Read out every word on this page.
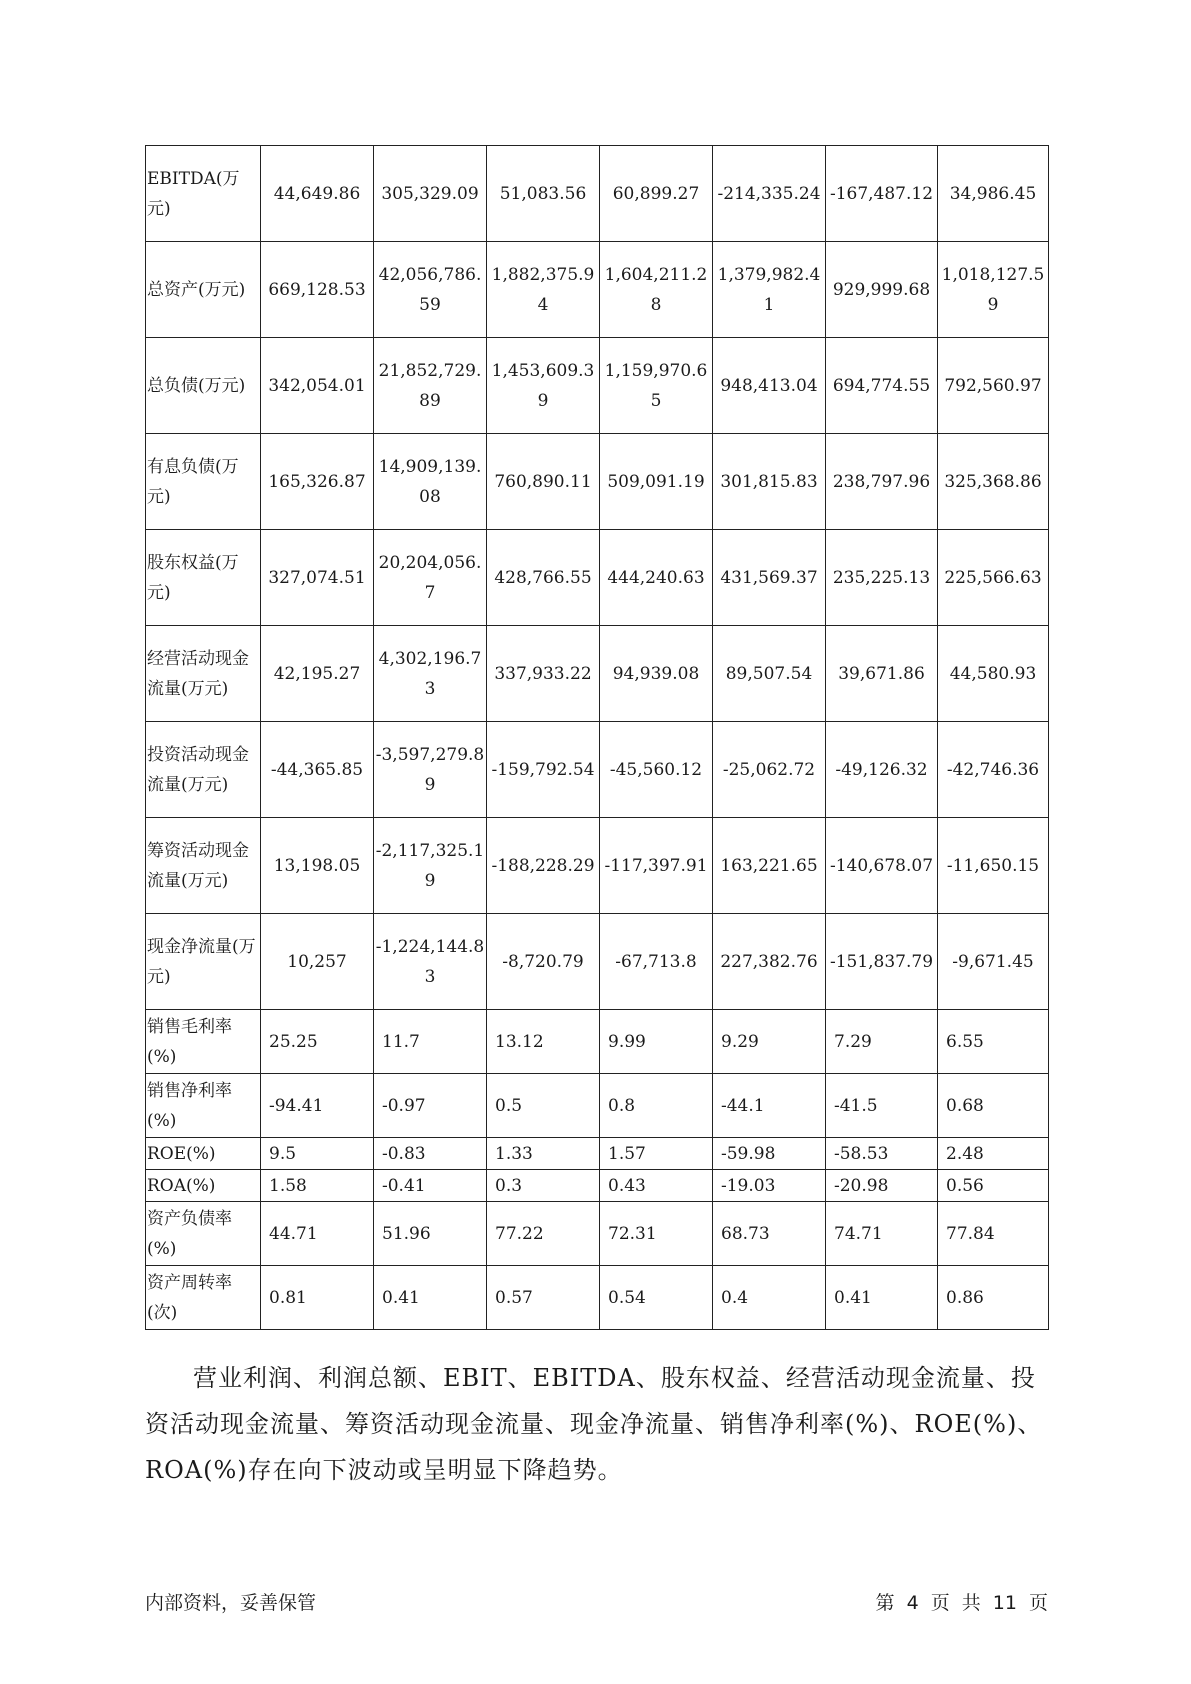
EBITDA(万元)	44,649.86	305,329.09	51,083.56	60,899.27	-214,335.24	-167,487.12	34,986.45
总资产(万元)	669,128.53	42,056,786.59	1,882,375.94	1,604,211.28	1,379,982.41	929,999.68	1,018,127.59
总负债(万元)	342,054.01	21,852,729.89	1,453,609.39	1,159,970.65	948,413.04	694,774.55	792,560.97
有息负债(万元)	165,326.87	14,909,139.08	760,890.11	509,091.19	301,815.83	238,797.96	325,368.86
股东权益(万元)	327,074.51	20,204,056.7	428,766.55	444,240.63	431,569.37	235,225.13	225,566.63
经营活动现金流量(万元)	42,195.27	4,302,196.73	337,933.22	94,939.08	89,507.54	39,671.86	44,580.93
投资活动现金流量(万元)	-44,365.85	-3,597,279.89	-159,792.54	-45,560.12	-25,062.72	-49,126.32	-42,746.36
筹资活动现金流量(万元)	13,198.05	-2,117,325.19	-188,228.29	-117,397.91	163,221.65	-140,678.07	-11,650.15
现金净流量(万元)	10,257	-1,224,144.83	-8,720.79	-67,713.8	227,382.76	-151,837.79	-9,671.45
销售毛利率(%)	25.25	11.7	13.12	9.99	9.29	7.29	6.55
销售净利率(%)	-94.41	-0.97	0.5	0.8	-44.1	-41.5	0.68
ROE(%)	9.5	-0.83	1.33	1.57	-59.98	-58.53	2.48
ROA(%)	1.58	-0.41	0.3	0.43	-19.03	-20.98	0.56
资产负债率(%)	44.71	51.96	77.22	72.31	68.73	74.71	77.84
资产周转率(次)	0.81	0.41	0.57	0.54	0.4	0.41	0.86

营业利润、利润总额、EBIT、EBITDA、股东权益、经营活动现金流量、投资活动现金流量、筹资活动现金流量、现金净流量、销售净利率(%)、ROE(%)、ROA(%)存在向下波动或呈明显下降趋势。

内部资料，妥善保管	第 4 页 共 11 页
